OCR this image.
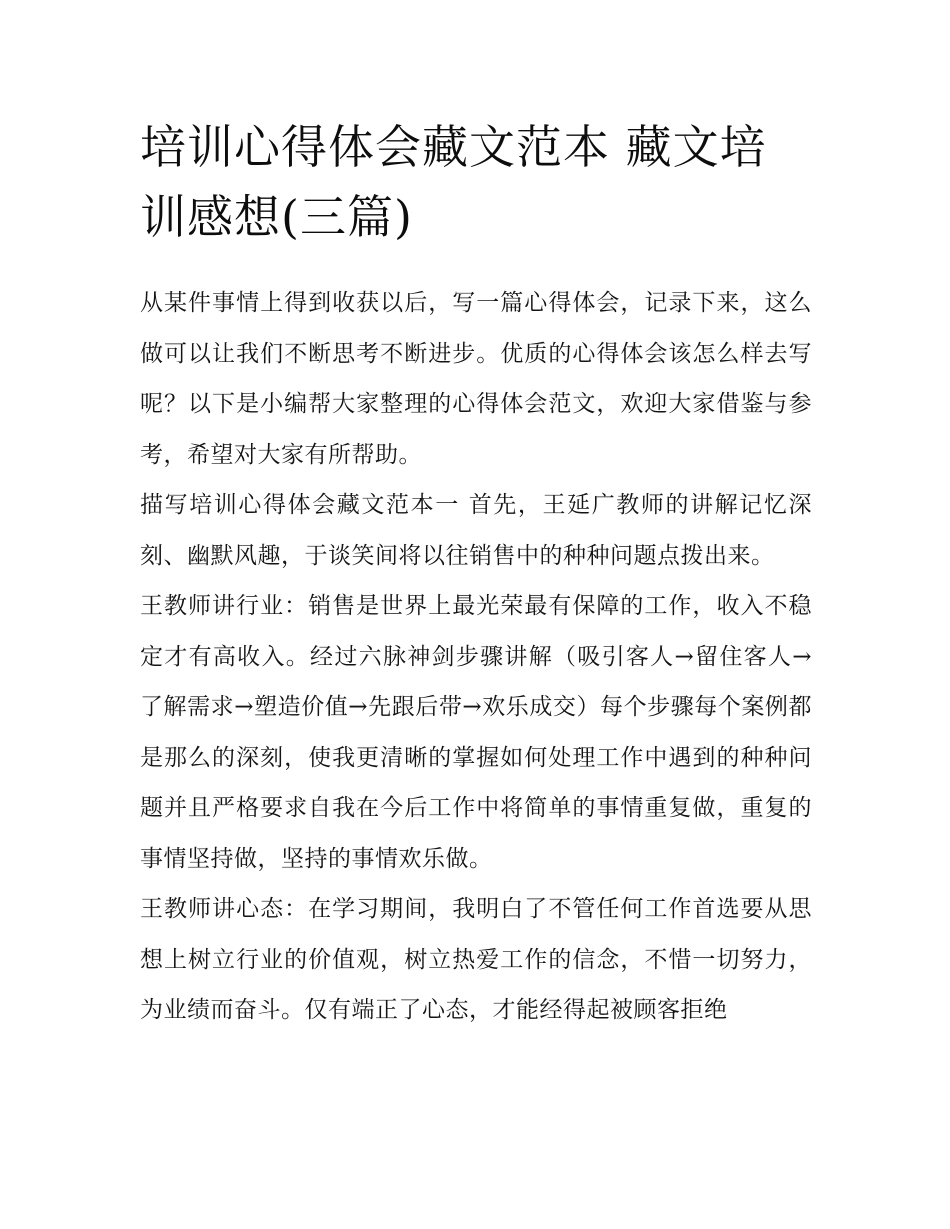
培训心得体会藏文范本 藏文培训感想(三篇)

从某件事情上得到收获以后，写一篇心得体会，记录下来，这么做可以让我们不断思考不断进步。优质的心得体会该怎么样去写呢？以下是小编帮大家整理的心得体会范文，欢迎大家借鉴与参考，希望对大家有所帮助。

描写培训心得体会藏文范本一 首先，王延广教师的讲解记忆深刻、幽默风趣，于谈笑间将以往销售中的种种问题点拨出来。

王教师讲行业：销售是世界上最光荣最有保障的工作，收入不稳定才有高收入。经过六脉神剑步骤讲解（吸引客人→留住客人→了解需求→塑造价值→先跟后带→欢乐成交）每个步骤每个案例都是那么的深刻，使我更清晰的掌握如何处理工作中遇到的种种问题并且严格要求自我在今后工作中将简单的事情重复做，重复的事情坚持做，坚持的事情欢乐做。

王教师讲心态：在学习期间，我明白了不管任何工作首选要从思想上树立行业的价值观，树立热爱工作的信念，不惜一切努力，为业绩而奋斗。仅有端正了心态，才能经得起被顾客拒绝
